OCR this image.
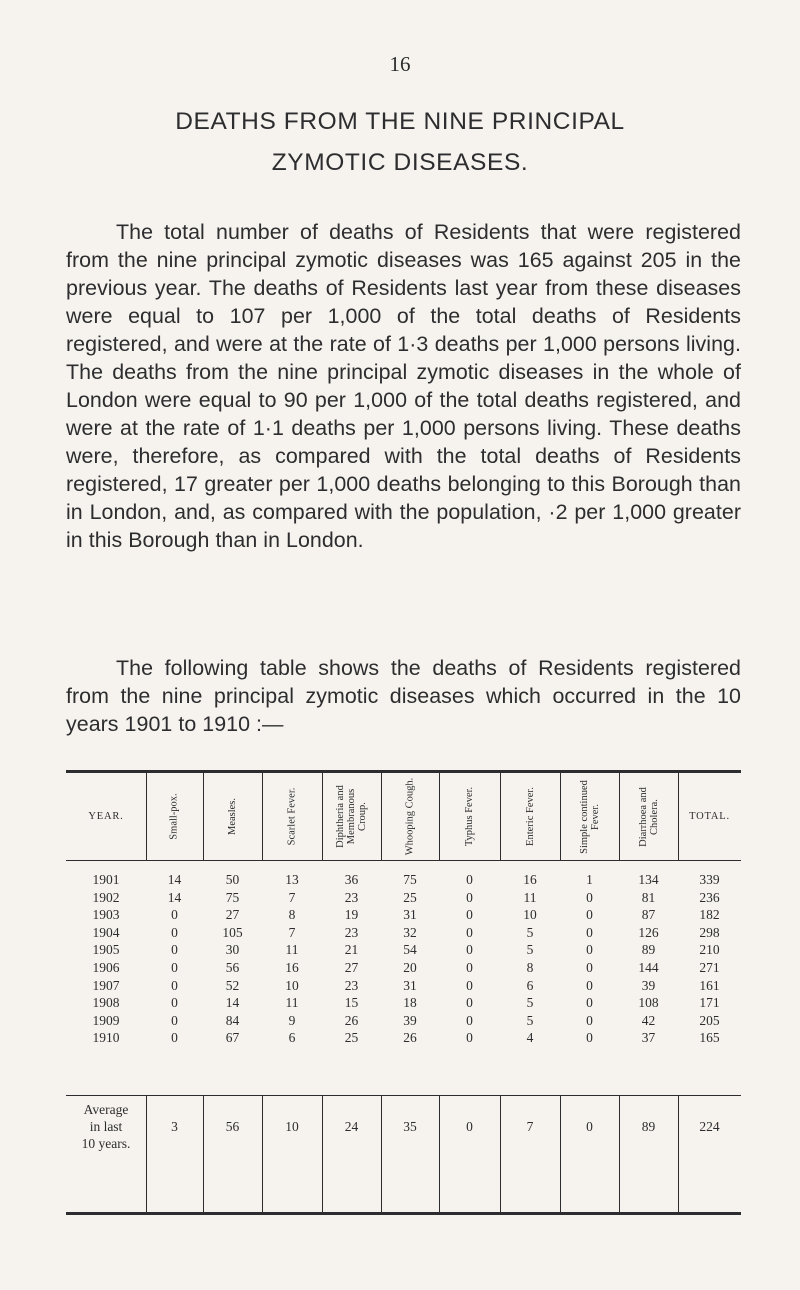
16
DEATHS FROM THE NINE PRINCIPAL
ZYMOTIC DISEASES.

The total number of deaths of Residents that were registered from the nine principal zymotic diseases was 165 against 205 in the previous year. The deaths of Residents last year from these diseases were equal to 107 per 1,000 of the total deaths of Residents registered, and were at the rate of 1·3 deaths per 1,000 persons living. The deaths from the nine principal zymotic diseases in the whole of London were equal to 90 per 1,000 of the total deaths registered, and were at the rate of 1·1 deaths per 1,000 persons living. These deaths were, therefore, as compared with the total deaths of Residents registered, 17 greater per 1,000 deaths belonging to this Borough than in London, and, as compared with the population, ·2 per 1,000 greater in this Borough than in London.

The following table shows the deaths of Residents registered from the nine principal zymotic diseases which occurred in the 10 years 1901 to 1910 :—

YEAR.	Small-pox.	Measles.	Scarlet Fever.	Diphtheria and
Membranous
Croup.	Whooping Cough.	Typhus Fever.	Enteric Fever.	Simple continued
Fever.	Diarrhoea and
Cholera.	TOTAL.
1901	14	50	13	36	75	0	16	1	134	339
1902	14	75	7	23	25	0	11	0	81	236
1903	0	27	8	19	31	0	10	0	87	182
1904	0	105	7	23	32	0	5	0	126	298
1905	0	30	11	21	54	0	5	0	89	210
1906	0	56	16	27	20	0	8	0	144	271
1907	0	52	10	23	31	0	6	0	39	161
1908	0	14	11	15	18	0	5	0	108	171
1909	0	84	9	26	39	0	5	0	42	205
1910	0	67	6	25	26	0	4	0	37	165
Average
in last
10 years.
3	56	10	24	35	0	7	0	89	224
